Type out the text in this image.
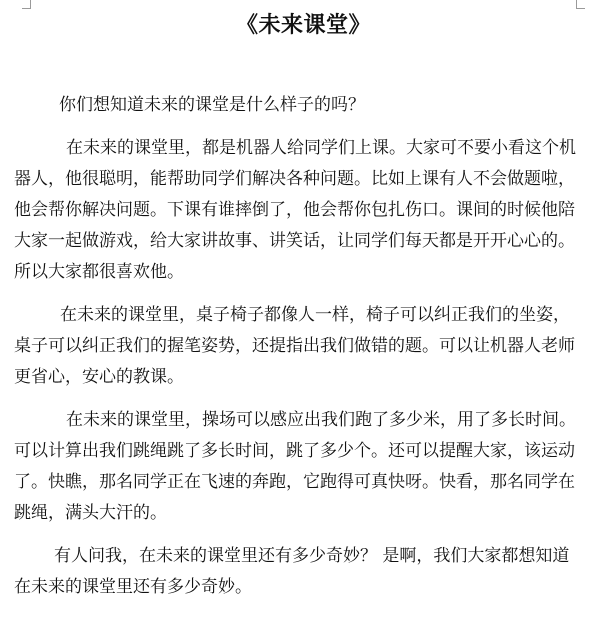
《未来课堂》

你们想知道未来的课堂是什么样子的吗？

在未来的课堂里，都是机器人给同学们上课。大家可不要小看这个机器人，他很聪明，能帮助同学们解决各种问题。比如上课有人不会做题啦，他会帮你解决问题。下课有谁摔倒了，他会帮你包扎伤口。课间的时候他陪大家一起做游戏，给大家讲故事、讲笑话，让同学们每天都是开开心心的。所以大家都很喜欢他。

在未来的课堂里，桌子椅子都像人一样，椅子可以纠正我们的坐姿，桌子可以纠正我们的握笔姿势，还提指出我们做错的题。可以让机器人老师更省心，安心的教课。

在未来的课堂里，操场可以感应出我们跑了多少米，用了多长时间。可以计算出我们跳绳跳了多长时间，跳了多少个。还可以提醒大家，该运动了。快瞧，那名同学正在飞速的奔跑，它跑得可真快呀。快看，那名同学在跳绳，满头大汗的。

有人问我，在未来的课堂里还有多少奇妙？ 是啊，我们大家都想知道在未来的课堂里还有多少奇妙。
